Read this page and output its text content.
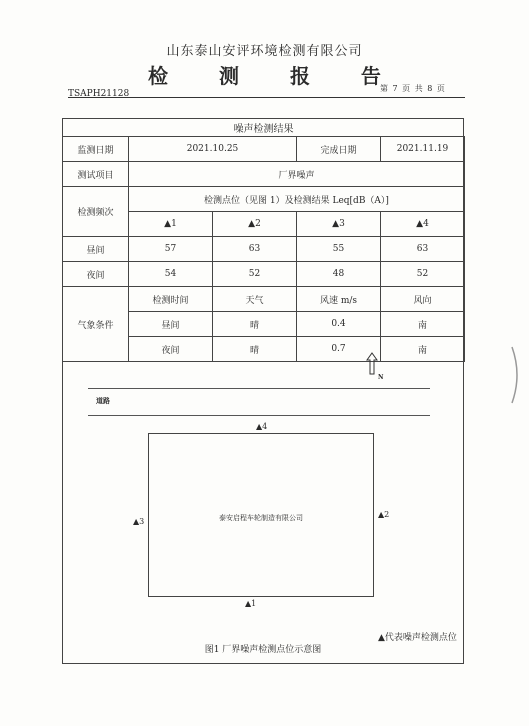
山东泰山安评环境检测有限公司
检 测 报 告
TSAPH21128
第 7 页 共 8 页
噪声检测结果				
监测日期	2021.10.25		完成日期	2021.11.19
测试项目	厂界噪声			
检测频次	检测点位（见图 1）及检测结果 Leq[dB（A）]			
	▲1	▲2	▲3	▲4
昼间	57	63	55	63
夜间	54	52	48	52
气象条件	检测时间	天气	风速 m/s	风向
	昼间	晴	0.4	南
	夜间	晴	0.7	南
N
道路
泰安启程车轮制造有限公司
▲4
▲2
▲3
▲1
▲代表噪声检测点位
图1 厂界噪声检测点位示意图
